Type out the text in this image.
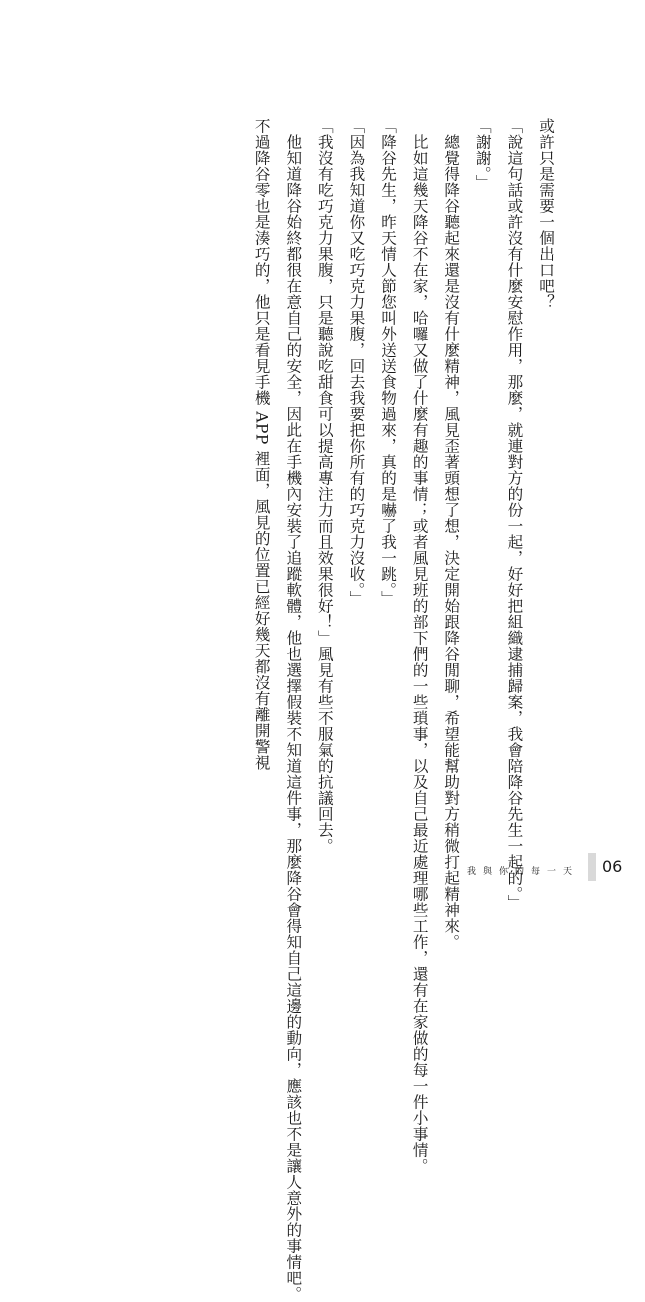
或許只是需要一個出口吧？

「說這句話或許沒有什麼安慰作用，那麼，就連對方的份一起，好好把組織逮捕歸案，我會陪降谷先生一起的。」

「謝謝。」

總覺得降谷聽起來還是沒有什麼精神，風見歪著頭想了想，決定開始跟降谷閒聊，希望能幫助對方稍微打起精神來。

比如這幾天降谷不在家，哈囉又做了什麼有趣的事情；或者風見班的部下們的一些瑣事，以及自己最近處理哪些工作，還有在家做的每一件小事情。

「降谷先生，昨天情人節您叫外送送食物過來，真的是嚇了我一跳。」

「因為我知道你又吃巧克力果腹，回去我要把你所有的巧克力沒收。」

「我沒有吃巧克力果腹，只是聽說吃甜食可以提高專注力而且效果很好！」風見有些不服氣的抗議回去。

他知道降谷始終都很在意自己的安全，因此在手機內安裝了追蹤軟體，他也選擇假裝不知道這件事，那麼降谷會得知自己這邊的動向，應該也不是讓人意外的事情吧。

不過降谷零也是湊巧的，他只是看見手機 APP 裡面，風見的位置已經好幾天都沒有離開警視

我與你的每一天 06
